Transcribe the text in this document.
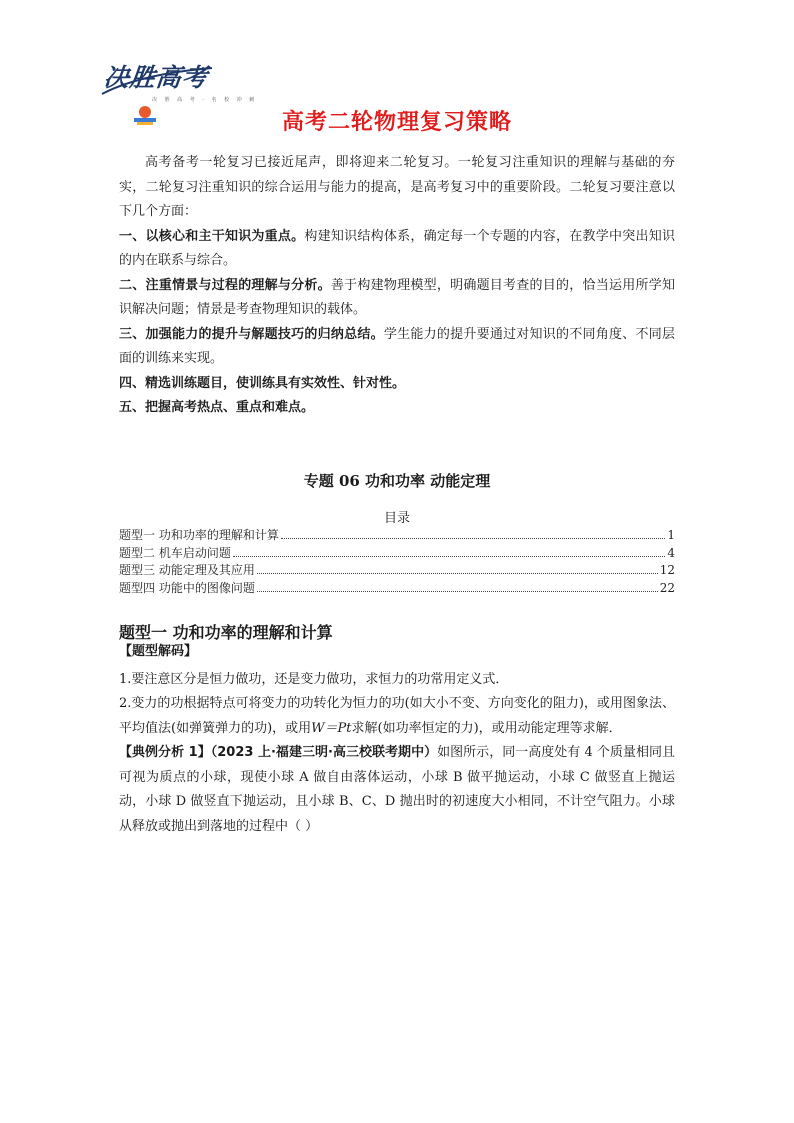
决胜高考
决 胜 高 考 · 名 校 冲 刺
高考二轮物理复习策略

高考备考一轮复习已接近尾声，即将迎来二轮复习。一轮复习注重知识的理解与基础的夯实，二轮复习注重知识的综合运用与能力的提高，是高考复习中的重要阶段。二轮复习要注意以下几个方面：

一、以核心和主干知识为重点。构建知识结构体系，确定每一个专题的内容，在教学中突出知识的内在联系与综合。

二、注重情景与过程的理解与分析。善于构建物理模型，明确题目考查的目的，恰当运用所学知识解决问题；情景是考查物理知识的载体。

三、加强能力的提升与解题技巧的归纳总结。学生能力的提升要通过对知识的不同角度、不同层面的训练来实现。

四、精选训练题目，使训练具有实效性、针对性。

五、把握高考热点、重点和难点。

专题 06 功和功率 动能定理
目录
题型一 功和功率的理解和计算	1
题型二 机车启动问题	4
题型三 动能定理及其应用	12
题型四 功能中的图像问题	22
题型一 功和功率的理解和计算

【题型解码】

1.要注意区分是恒力做功，还是变力做功，求恒力的功常用定义式．

2.变力的功根据特点可将变力的功转化为恒力的功(如大小不变、方向变化的阻力)，或用图象法、平均值法(如弹簧弹力的功)，或用W＝Pt求解(如功率恒定的力)，或用动能定理等求解．

【典例分析 1】（2023 上·福建三明·高三校联考期中）如图所示，同一高度处有 4 个质量相同且可视为质点的小球，现使小球 A 做自由落体运动，小球 B 做平抛运动，小球 C 做竖直上抛运动，小球 D 做竖直下抛运动，且小球 B、C、D 抛出时的初速度大小相同，不计空气阻力。小球从释放或抛出到落地的过程中（ ）
